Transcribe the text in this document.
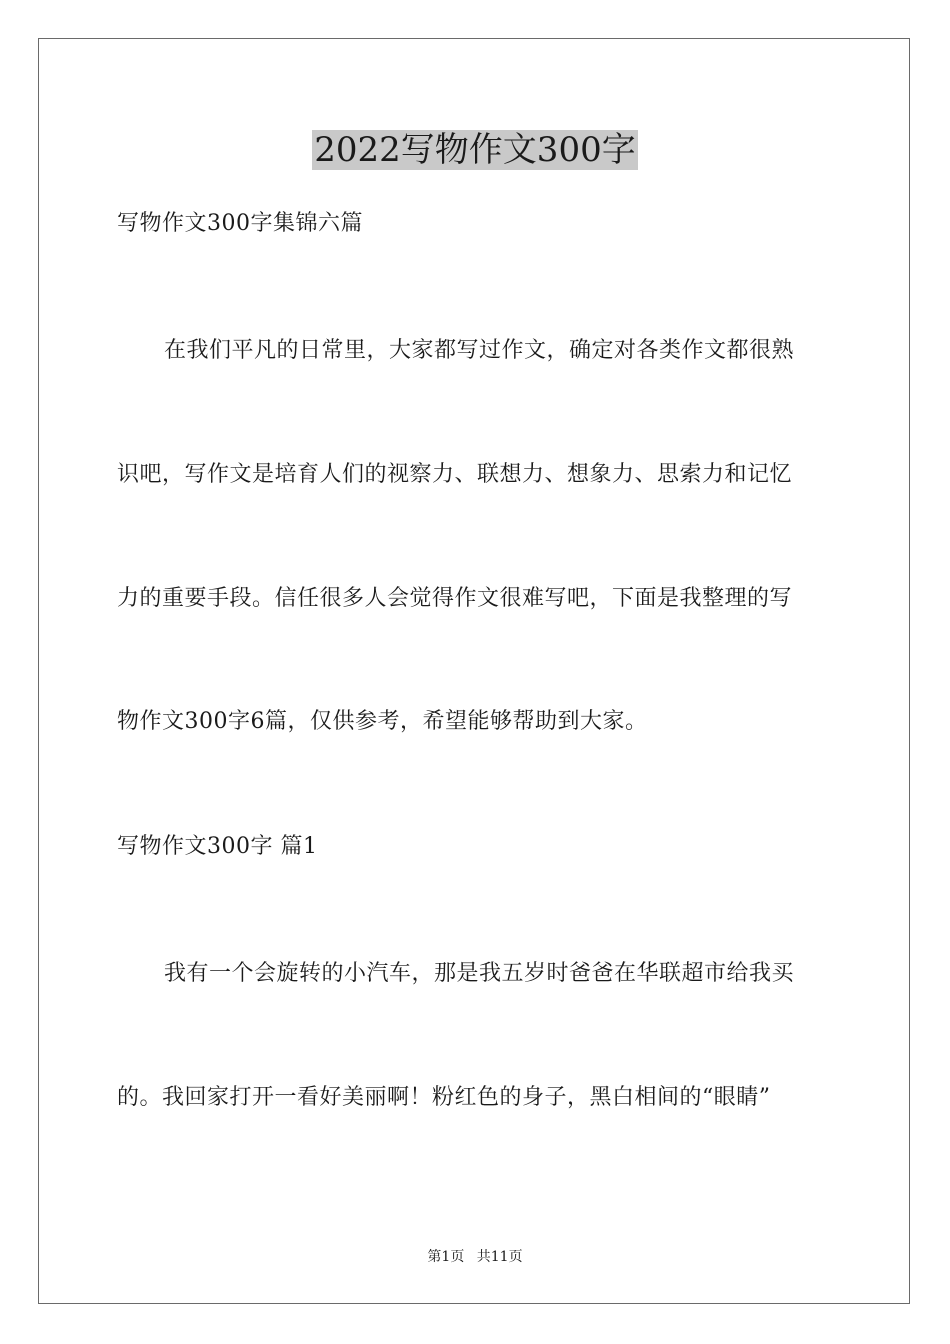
2022写物作文300字
写物作文300字集锦六篇
在我们平凡的日常里，大家都写过作文，确定对各类作文都很熟
识吧，写作文是培育人们的视察力、联想力、想象力、思索力和记忆
力的重要手段。信任很多人会觉得作文很难写吧，下面是我整理的写
物作文300字6篇，仅供参考，希望能够帮助到大家。
写物作文300字 篇1
我有一个会旋转的小汽车，那是我五岁时爸爸在华联超市给我买
的。我回家打开一看好美丽啊！粉红色的身子，黑白相间的“眼睛”
第1页 共11页
